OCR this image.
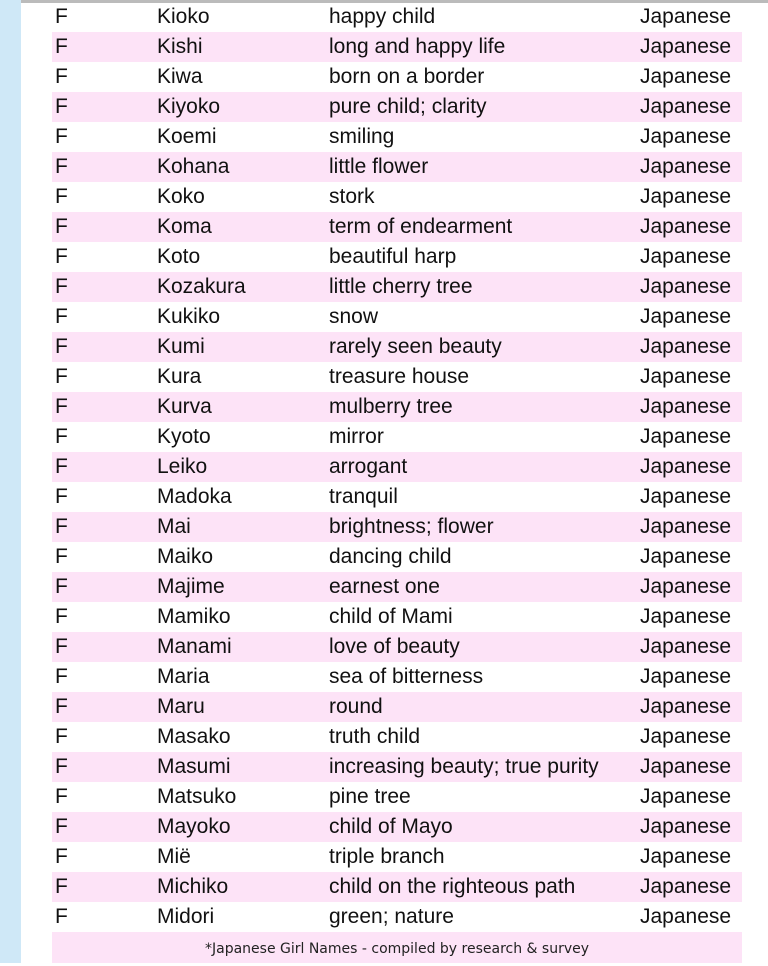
F	Kioko	happy child	Japanese
F	Kishi	long and happy life	Japanese
F	Kiwa	born on a border	Japanese
F	Kiyoko	pure child; clarity	Japanese
F	Koemi	smiling	Japanese
F	Kohana	little flower	Japanese
F	Koko	stork	Japanese
F	Koma	term of endearment	Japanese
F	Koto	beautiful harp	Japanese
F	Kozakura	little cherry tree	Japanese
F	Kukiko	snow	Japanese
F	Kumi	rarely seen beauty	Japanese
F	Kura	treasure house	Japanese
F	Kurva	mulberry tree	Japanese
F	Kyoto	mirror	Japanese
F	Leiko	arrogant	Japanese
F	Madoka	tranquil	Japanese
F	Mai	brightness; flower	Japanese
F	Maiko	dancing child	Japanese
F	Majime	earnest one	Japanese
F	Mamiko	child of Mami	Japanese
F	Manami	love of beauty	Japanese
F	Maria	sea of bitterness	Japanese
F	Maru	round	Japanese
F	Masako	truth child	Japanese
F	Masumi	increasing beauty; true purity	Japanese
F	Matsuko	pine tree	Japanese
F	Mayoko	child of Mayo	Japanese
F	Miё	triple branch	Japanese
F	Michiko	child on the righteous path	Japanese
F	Midori	green; nature	Japanese
*Japanese Girl Names - compiled by research & survey
